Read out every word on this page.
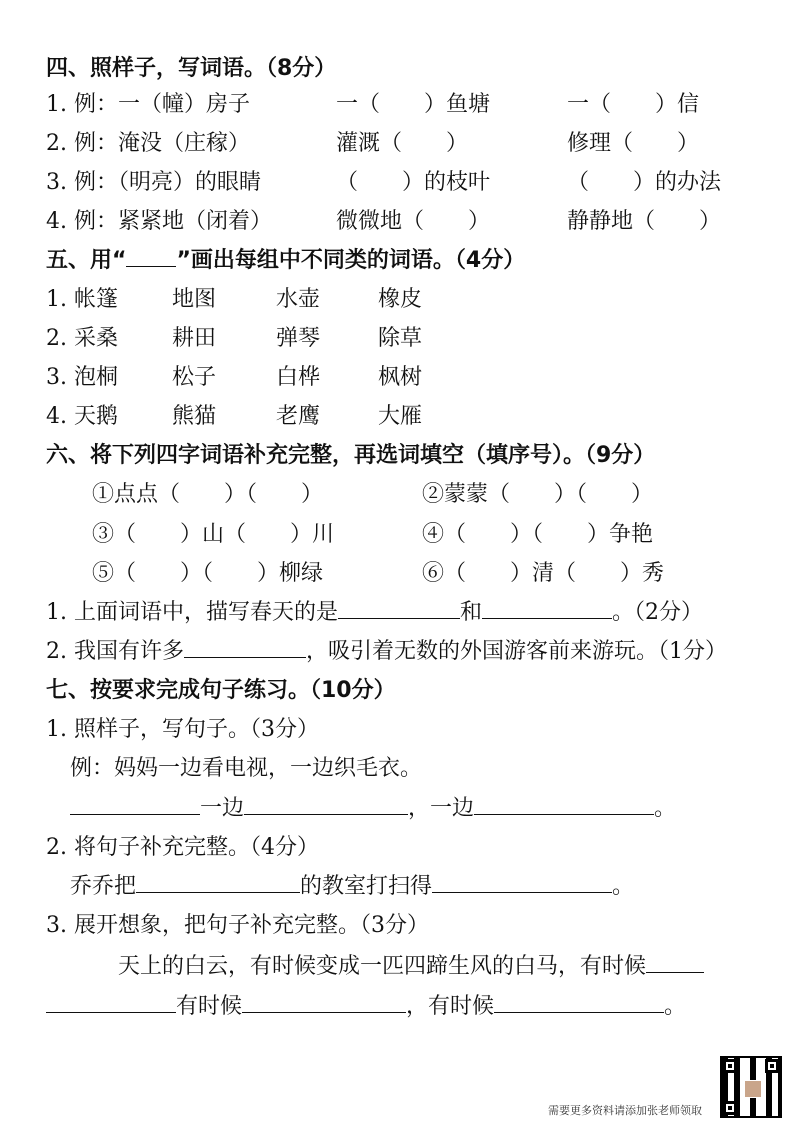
四、照样子，写词语。（8分）
1. 例：一（幢）房子	一（　　）鱼塘	一（　　）信
2. 例：淹没（庄稼）	灌溉（　　）	修理（　　）
3. 例：（明亮）的眼睛	（　　）的枝叶	（　　）的办法
4. 例：紧紧地（闭着）	微微地（　　）	静静地（　　）
五、用“ ”画出每组中不同类的词语。（4分）
1. 帐篷 地图	水壶	橡皮
2. 采桑 耕田	弹琴	除草
3. 泡桐 松子	白桦	枫树
4. 天鹅 熊猫	老鹰	大雁
六、将下列四字词语补充完整，再选词填空（填序号）。（9分）
①点点（　　）（　　）	②蒙蒙（　　）（　　）
③（　　）山（　　）川	④（　　）（　　）争艳
⑤（　　）（　　）柳绿	⑥（　　）清（　　）秀
1. 上面词语中，描写春天的是	和	。（2分）
2. 我国有许多	，吸引着无数的外国游客前来游玩。（1分）
七、按要求完成句子练习。（10分）
1. 照样子，写句子。（3分）
例：妈妈一边看电视，一边织毛衣。
一边	，一边	。
2. 将句子补充完整。（4分）
乔乔把	的教室打扫得	。
3. 展开想象，把句子补充完整。（3分）
天上的白云，有时候变成一匹四蹄生风的白马，有时候
有时候	，有时候	。
需要更多资料请添加张老师领取
